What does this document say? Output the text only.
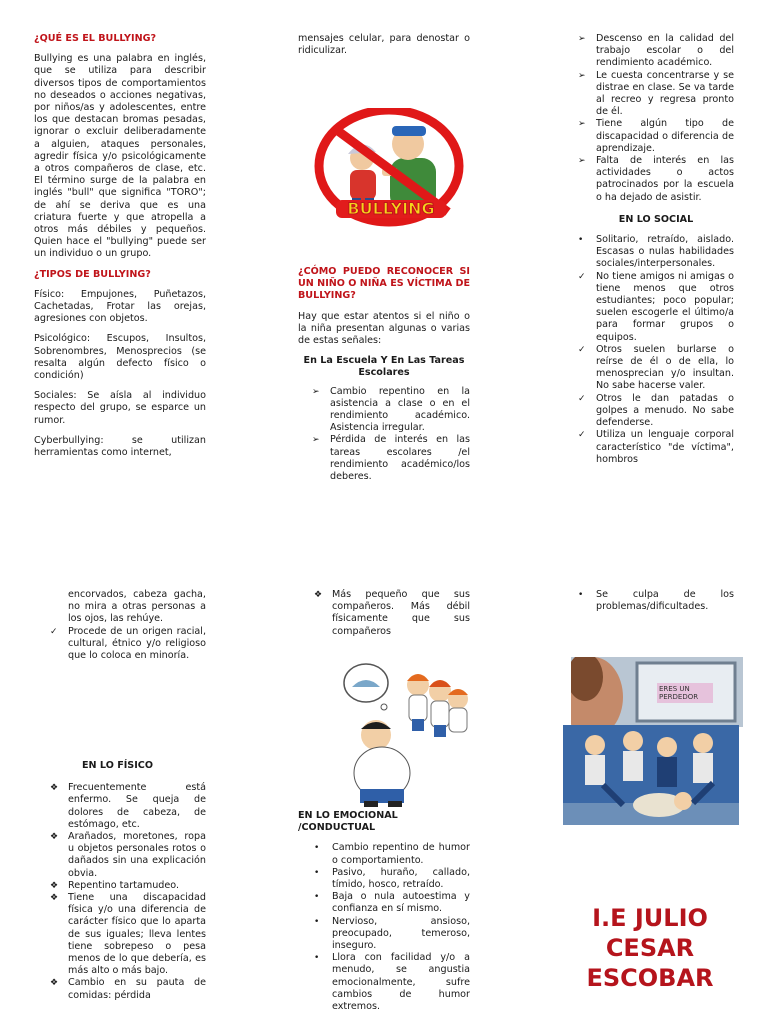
¿QUÉ ES EL BULLYING?
Bullying es una palabra en inglés, que se utiliza para describir diversos tipos de comportamientos no deseados o acciones negativas, por niños/as y adolescentes, entre los que destacan bromas pesadas, ignorar o excluir deliberadamente a alguien, ataques personales, agredir física y/o psicológicamente a otros compañeros de clase, etc. El término surge de la palabra en inglés "bull" que significa "TORO"; de ahí se deriva que es una criatura fuerte y que atropella a otros más débiles y pequeños. Quien hace el "bullying" puede ser un individuo o un grupo.
¿TIPOS DE BULLYING?
Físico: Empujones, Puñetazos, Cachetadas, Frotar las orejas, agresiones con objetos.
Psicológico: Escupos, Insultos, Sobrenombres, Menosprecios (se resalta algún defecto físico o condición)
Sociales: Se aísla al individuo respecto del grupo, se esparce un rumor.
Cyberbullying: se utilizan herramientas como internet,
mensajes celular, para denostar o ridiculizar.
BULLYING
¿CÓMO PUEDO RECONOCER SI UN NIÑO O NIÑA ES VÍCTIMA DE BULLYING?
Hay que estar atentos si el niño o la niña presentan algunas o varias de estas señales:
En La Escuela Y En Las Tareas Escolares
➢	Cambio repentino en la asistencia a clase o en el rendimiento académico. Asistencia irregular.
➢	Pérdida de interés en las tareas escolares /el rendimiento académico/los deberes.
➢	Descenso en la calidad del trabajo escolar o del rendimiento académico.
➢	Le cuesta concentrarse y se distrae en clase. Se va tarde al recreo y regresa pronto de él.
➢	Tiene algún tipo de discapacidad o diferencia de aprendizaje.
➢	Falta de interés en las actividades o actos patrocinados por la escuela o ha dejado de asistir.
EN LO SOCIAL
•	Solitario, retraído, aislado. Escasas o nulas habilidades sociales/interpersonales.
✓	No tiene amigos ni amigas o tiene menos que otros estudiantes; poco popular; suelen escogerle el último/a para formar grupos o equipos.
✓	Otros suelen burlarse o reírse de él o de ella, lo menosprecian y/o insultan. No sabe hacerse valer.
✓	Otros le dan patadas o golpes a menudo. No sabe defenderse.
✓	Utiliza un lenguaje corporal característico "de víctima", hombros
encorvados, cabeza gacha, no mira a otras personas a los ojos, las rehúye.
✓	Procede de un origen racial, cultural, étnico y/o religioso que lo coloca en minoría.
EN LO FÍSICO
❖	Frecuentemente está enfermo. Se queja de dolores de cabeza, de estómago, etc.
❖	Arañados, moretones, ropa u objetos personales rotos o dañados sin una explicación obvia.
❖	Repentino tartamudeo.
❖	Tiene una discapacidad física y/o una diferencia de carácter físico que lo aparta de sus iguales; lleva lentes tiene sobrepeso o pesa menos de lo que debería, es más alto o más bajo.
❖	Cambio en su pauta de comidas: pérdida
❖	Más pequeño que sus compañeros. Más débil físicamente que sus compañeros
EN LO EMOCIONAL /CONDUCTUAL
•	Cambio repentino de humor o comportamiento.
•	Pasivo, huraño, callado, tímido, hosco, retraído.
•	Baja o nula autoestima y confianza en sí mismo.
•	Nervioso, ansioso, preocupado, temeroso, inseguro.
•	Llora con facilidad y/o a menudo, se angustia emocionalmente, sufre cambios de humor extremos.
•	Se culpa de los problemas/dificultades.
ERES UN PERDEDOR
I.E JULIO
CESAR
ESCOBAR
